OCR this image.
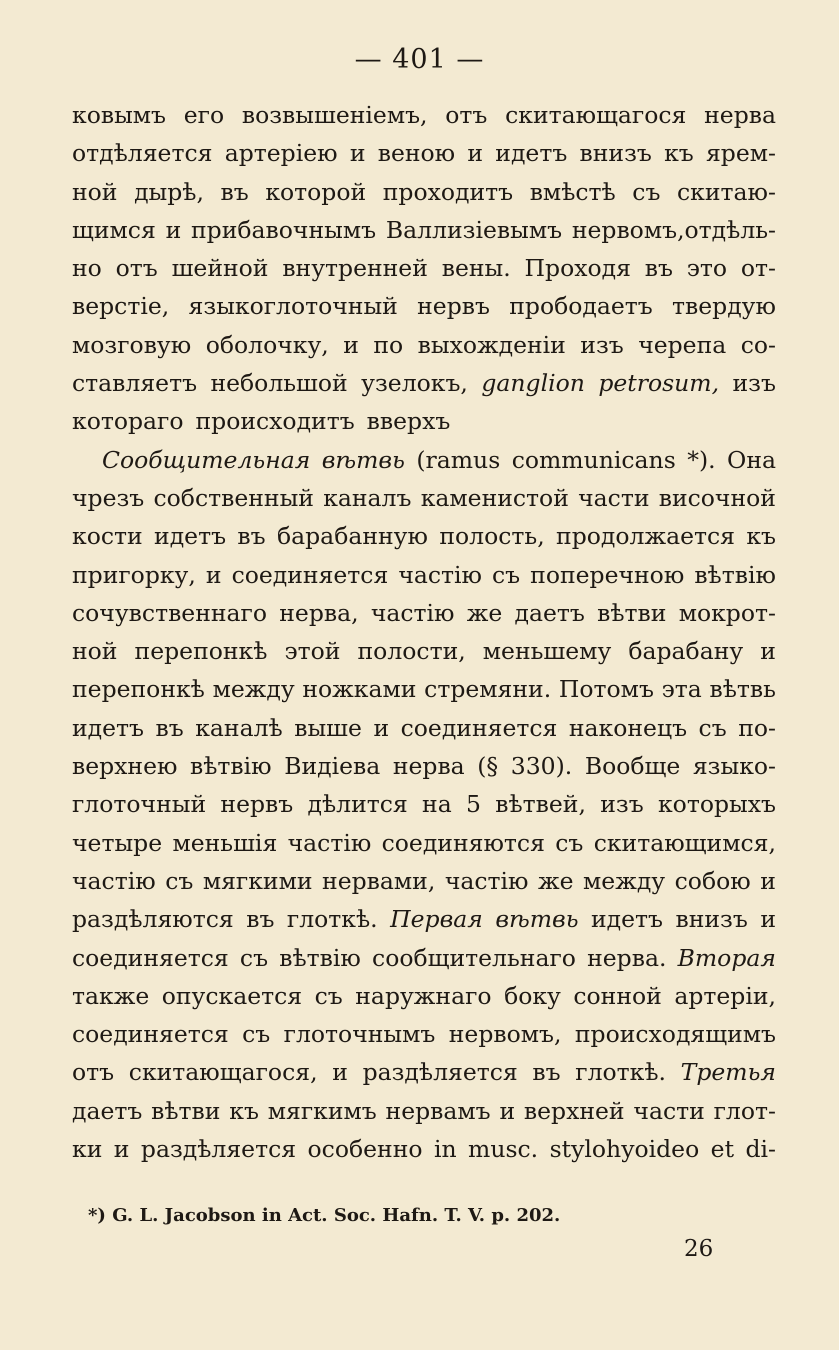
— 401 —
ковымъ его возвышеніемъ, отъ скитающагося нерва
отдѣляется артеріею и веною и идетъ внизъ къ ярем-
ной дырѣ, въ которой проходитъ вмѣстѣ съ скитаю-
щимся и прибавочнымъ Валлизіевымъ нервомъ,отдѣль-
но отъ шейной внутренней вены. Проходя въ это от-
верстіе, языкоглоточный нервъ прободаетъ твердую
мозговую оболочку, и по выхожденіи изъ черепа со-
ставляетъ небольшой узелокъ, ganglion petrosum, изъ
котораго происходитъ вверхъ
Сообщительная вѣтвь (ramus communicans *). Она
чрезъ собственный каналъ каменистой части височной
кости идетъ въ барабанную полость, продолжается къ
пригорку, и соединяется частію съ поперечною вѣтвію
сочувственнаго нерва, частію же даетъ вѣтви мокрот-
ной перепонкѣ этой полости, меньшему барабану и
перепонкѣ между ножками стремяни. Потомъ эта вѣтвь
идетъ въ каналѣ выше и соединяется наконецъ съ по-
верхнею вѣтвію Видіева нерва (§ 330). Вообще языко-
глоточный нервъ дѣлится на 5 вѣтвей, изъ которыхъ
четыре меньшія частію соединяются съ скитающимся,
частію съ мягкими нервами, частію же между собою и
раздѣляются въ глоткѣ. Первая вѣтвь идетъ внизъ и
соединяется съ вѣтвію сообщительнаго нерва. Вторая
также опускается съ наружнаго боку сонной артеріи,
соединяется съ глоточнымъ нервомъ, происходящимъ
отъ скитающагося, и раздѣляется въ глоткѣ. Третья
даетъ вѣтви къ мягкимъ нервамъ и верхней части глот-
ки и раздѣляется особенно in musc. stylohyoideo et di-
*) G. L. Jacobson in Act. Soc. Hafn. T. V. p. 202.
26
